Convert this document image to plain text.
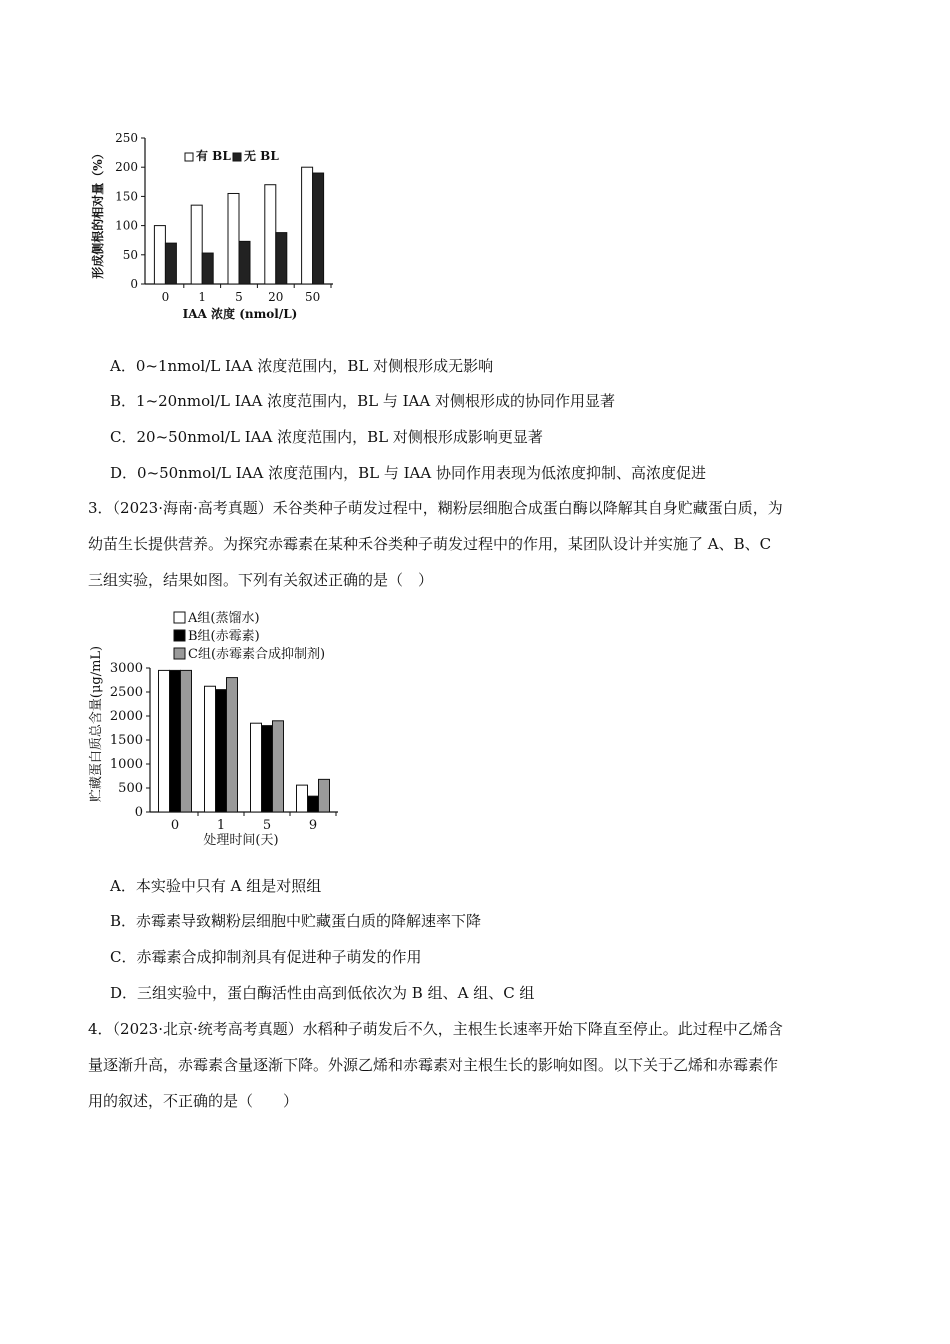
0
50
100
150
200
250
0 1 5 20 50
IAA 浓度 (nmol/L)
形成侧根的相对量（%）	有 BL 无 BL
A．0~1nmol/L IAA 浓度范围内，BL 对侧根形成无影响
B．1~20nmol/L IAA 浓度范围内，BL 与 IAA 对侧根形成的协同作用显著
C．20~50nmol/L IAA 浓度范围内，BL 对侧根形成影响更显著
D．0~50nmol/L IAA 浓度范围内，BL 与 IAA 协同作用表现为低浓度抑制、高浓度促进

3．（2023·海南·高考真题）禾谷类种子萌发过程中，糊粉层细胞合成蛋白酶以降解其自身贮藏蛋白质，为

幼苗生长提供营养。为探究赤霉素在某种禾谷类种子萌发过程中的作用，某团队设计并实施了 A、B、C

三组实验，结果如图。下列有关叙述正确的是（　）

0
500
1000
1500
2000
2500
3000
0	1	5	9
处理时间(天)
贮藏蛋白质总含量(μg/mL)
A组(蒸馏水)
B组(赤霉素)
C组(赤霉素合成抑制剂)
A．本实验中只有 A 组是对照组
B．赤霉素导致糊粉层细胞中贮藏蛋白质的降解速率下降
C．赤霉素合成抑制剂具有促进种子萌发的作用
D．三组实验中，蛋白酶活性由高到低依次为 B 组、A 组、C 组

4．（2023·北京·统考高考真题）水稻种子萌发后不久，主根生长速率开始下降直至停止。此过程中乙烯含

量逐渐升高，赤霉素含量逐渐下降。外源乙烯和赤霉素对主根生长的影响如图。以下关于乙烯和赤霉素作

用的叙述，不正确的是（　　）
